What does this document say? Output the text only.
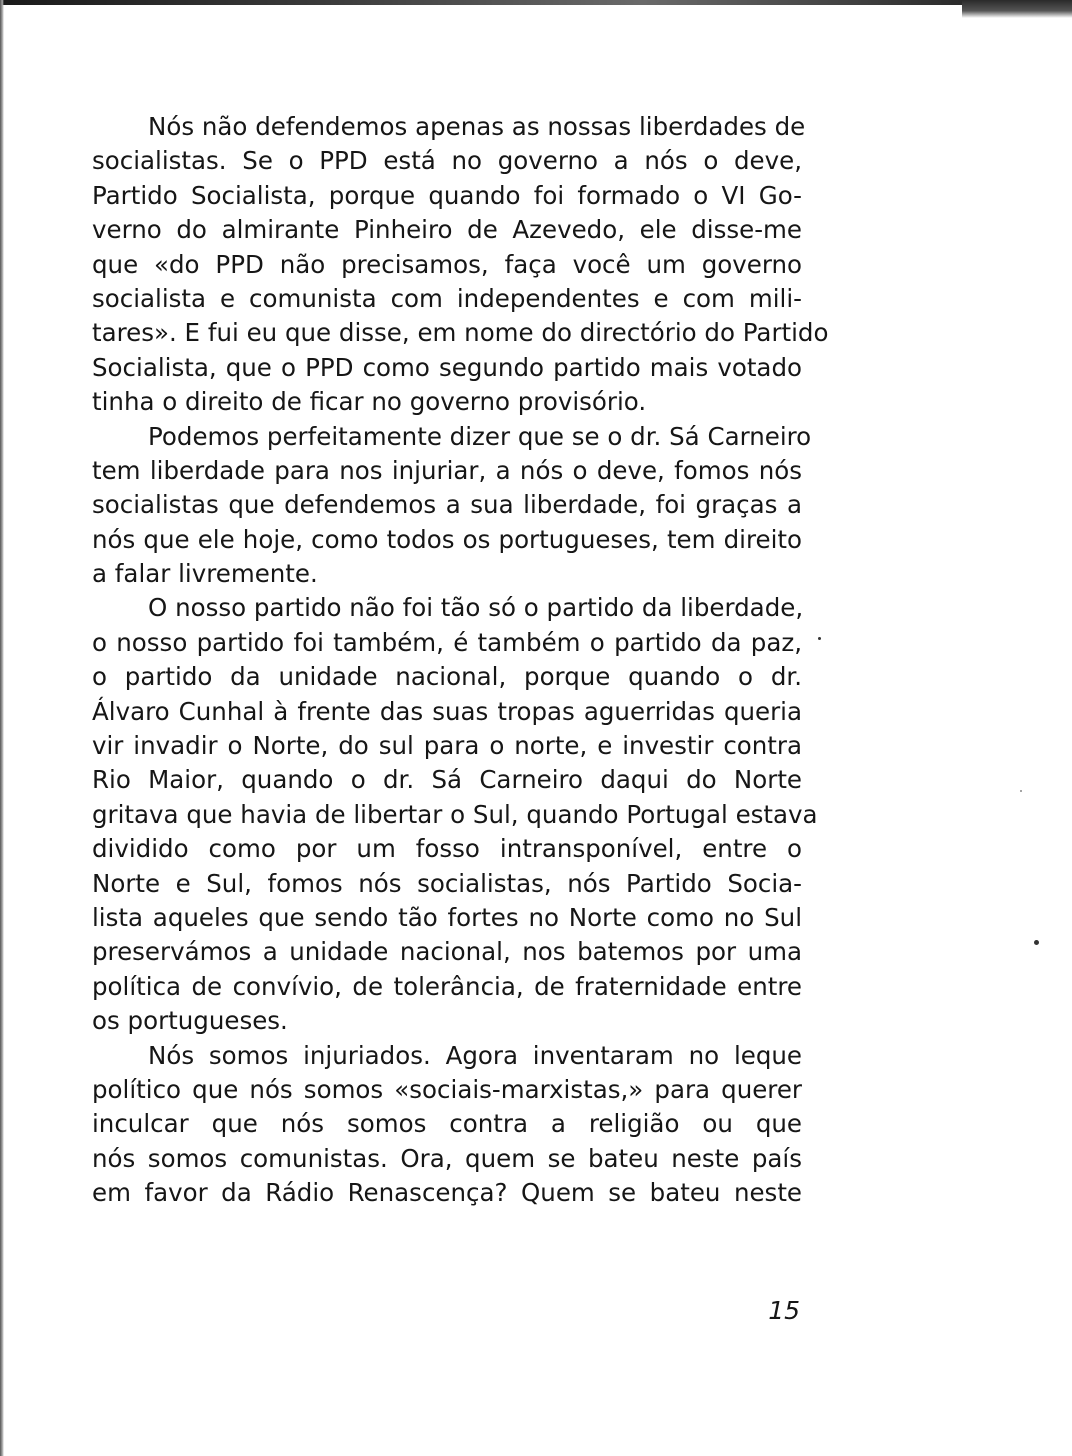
Nós não defendemos apenas as nossas liberdades de
socialistas. Se o PPD está no governo a nós o deve,
Partido Socialista, porque quando foi formado o VI Go-
verno do almirante Pinheiro de Azevedo, ele disse-me
que «do PPD não precisamos, faça você um governo
socialista e comunista com independentes e com mili-
tares». E fui eu que disse, em nome do directório do Partido
Socialista, que o PPD como segundo partido mais votado
tinha o direito de ficar no governo provisório.
Podemos perfeitamente dizer que se o dr. Sá Carneiro
tem liberdade para nos injuriar, a nós o deve, fomos nós
socialistas que defendemos a sua liberdade, foi graças a
nós que ele hoje, como todos os portugueses, tem direito
a falar livremente.
O nosso partido não foi tão só o partido da liberdade,
o nosso partido foi também, é também o partido da paz,
o partido da unidade nacional, porque quando o dr.
Álvaro Cunhal à frente das suas tropas aguerridas queria
vir invadir o Norte, do sul para o norte, e investir contra
Rio Maior, quando o dr. Sá Carneiro daqui do Norte
gritava que havia de libertar o Sul, quando Portugal estava
dividido como por um fosso intransponível, entre o
Norte e Sul, fomos nós socialistas, nós Partido Socia-
lista aqueles que sendo tão fortes no Norte como no Sul
preservámos a unidade nacional, nos batemos por uma
política de convívio, de tolerância, de fraternidade entre
os portugueses.
Nós somos injuriados. Agora inventaram no leque
político que nós somos «sociais-marxistas,» para querer
inculcar que nós somos contra a religião ou que
nós somos comunistas. Ora, quem se bateu neste país
em favor da Rádio Renascença? Quem se bateu neste
15
